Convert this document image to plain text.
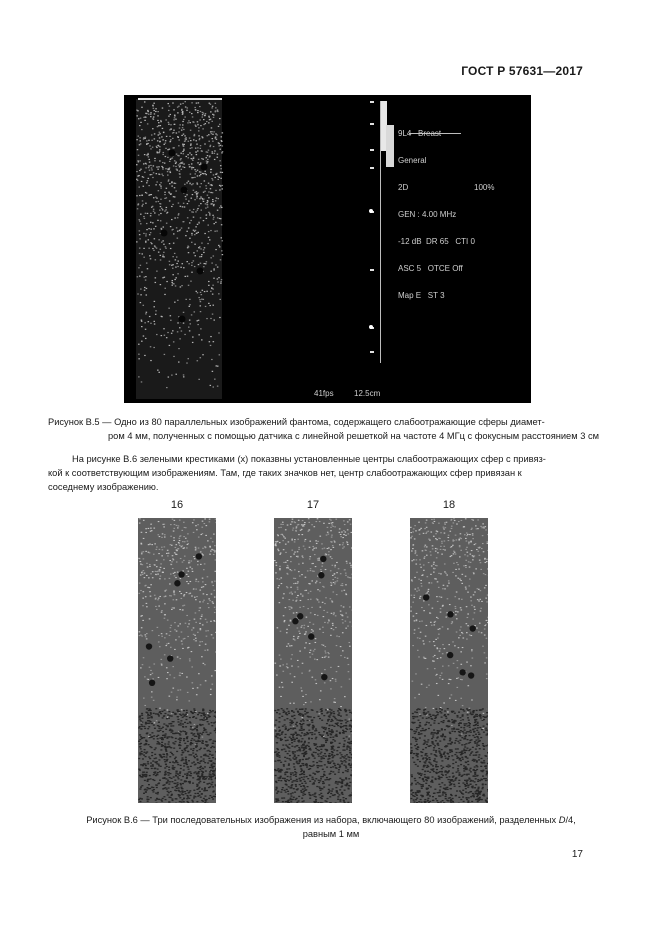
ГОСТ Р 57631—2017

9L4   Breast

General

2D	100%

GEN : 4.00 MHz

-12 dB  DR 65   CTI 0

ASC 5   OTCE Off

Map E   ST 3

41fps	12.5cm
Рисунок В.5 — Одно из 80 параллельных изображений фантома, содержащего слабоотражающие сферы диамет-
ром 4 мм, полученных с помощью датчика с линейной решеткой на частоте 4 МГц с фокусным расстоянием 3 см
На рисунке В.6 зелеными крестиками (x) показвны установленные центры слабоотражающих сфер с привяз-
кой к соответствующим изображениям. Там, где таких значков нет, центр слабоотражающих сфер привязан к
соседнему изображению.
16	17	18
Рисунок В.6 — Три последовательных изображения из набора, включающего 80 изображений, разделенных D/4,
равным 1 мм
17
